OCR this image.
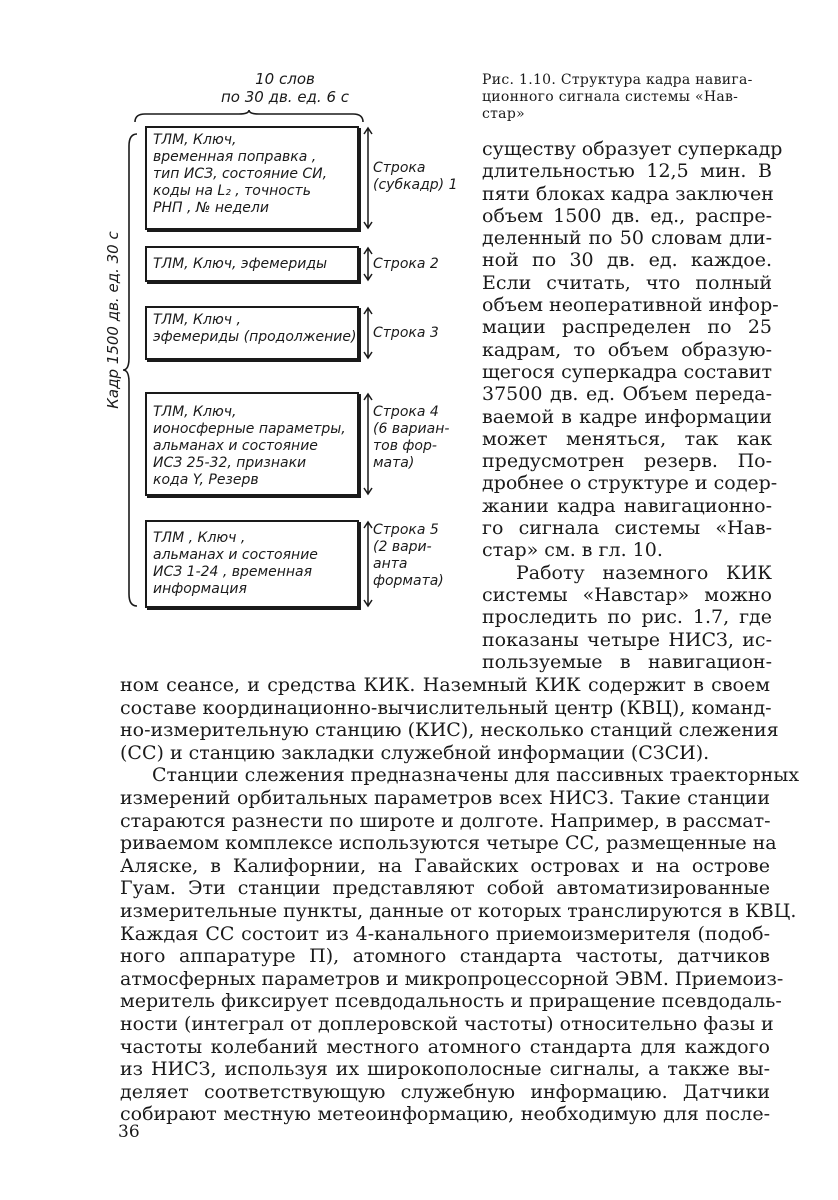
10 слов
по 30 дв. ед. 6 с
Кадр 1500 дв. ед. 30 с
ТЛМ, Ключ,
временная поправка ,
тип ИСЗ, состояние СИ,
коды на L₂ , точность
РНП , № недели
Строка
(субкадр) 1
ТЛМ, Ключ, эфемериды	Строка 2
ТЛМ, Ключ ,
эфемериды (продолжение) Строка 3
ТЛМ, Ключ,
ионосферные параметры,
альманах и состояние
ИСЗ 25-32, признаки
кода Y, Резерв
Строка 4
(6 вариан-
тов фор-
мата)
ТЛМ , Ключ ,
альманах и состояние
ИСЗ 1-24 , временная
информация
Строка 5
(2 вари-
анта
формата)
Рис. 1.10. Структура кадра навига-
ционного сигнала системы «Нав-
стар»
существу образует суперкадр
длительностью 12,5 мин. В
пяти блоках кадра заключен
объем 1500 дв. ед., распре-
деленный по 50 словам дли-
ной по 30 дв. ед. каждое.
Если считать, что полный
объем неоперативной инфор-
мации распределен по 25
кадрам, то объем образую-
щегося суперкадра составит
37500 дв. ед. Объем переда-
ваемой в кадре информации
может меняться, так как
предусмотрен резерв. По-
дробнее о структуре и содер-
жании кадра навигационно-
го сигнала системы «Нав-
стар» см. в гл. 10.
Работу наземного КИК
системы «Навстар» можно
проследить по рис. 1.7, где
показаны четыре НИСЗ, ис-
пользуемые в навигацион-
ном сеансе, и средства КИК. Наземный КИК содержит в своем
составе координационно-вычислительный центр (КВЦ), команд-
но-измерительную станцию (КИС), несколько станций слежения
(СС) и станцию закладки служебной информации (СЗСИ).
Станции слежения предназначены для пассивных траекторных
измерений орбитальных параметров всех НИСЗ. Такие станции
стараются разнести по широте и долготе. Например, в рассмат-
риваемом комплексе используются четыре СС, размещенные на
Аляске, в Калифорнии, на Гавайских островах и на острове
Гуам. Эти станции представляют собой автоматизированные
измерительные пункты, данные от которых транслируются в КВЦ.
Каждая СС состоит из 4-канального приемоизмерителя (подоб-
ного аппаратуре П), атомного стандарта частоты, датчиков
атмосферных параметров и микропроцессорной ЭВМ. Приемоиз-
меритель фиксирует псевдодальность и приращение псевдодаль-
ности (интеграл от доплеровской частоты) относительно фазы и
частоты колебаний местного атомного стандарта для каждого
из НИСЗ, используя их широкополосные сигналы, а также вы-
деляет соответствующую служебную информацию. Датчики
собирают местную метеоинформацию, необходимую для после-
36
